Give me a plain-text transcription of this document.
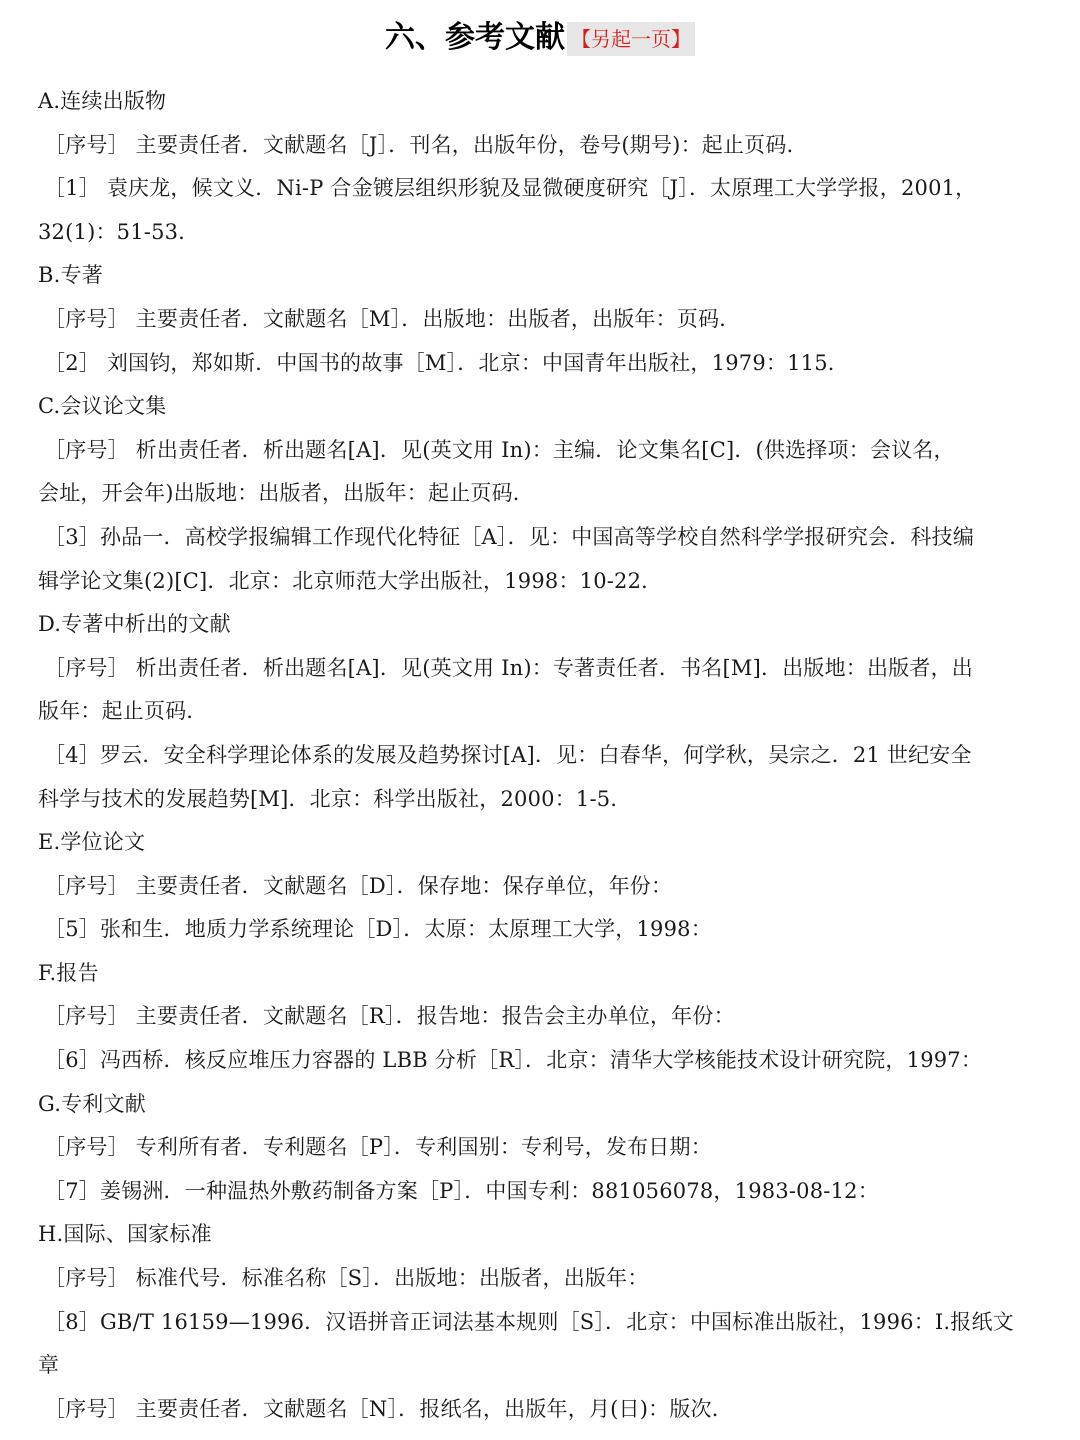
六、参考文献 【另起一页】
A.连续出版物
［序号］ 主要责任者．文献题名［J］．刊名，出版年份，卷号(期号)：起止页码．
［1］ 袁庆龙，候文义．Ni-P 合金镀层组织形貌及显微硬度研究［J］．太原理工大学学报，2001，
32(1)：51-53．
B.专著
［序号］ 主要责任者．文献题名［M］．出版地：出版者，出版年：页码．
［2］ 刘国钧，郑如斯．中国书的故事［M］．北京：中国青年出版社，1979：115．
C.会议论文集
［序号］ 析出责任者．析出题名[A]．见(英文用 In)：主编．论文集名[C]．(供选择项：会议名，
会址，开会年)出版地：出版者，出版年：起止页码．
［3］孙品一．高校学报编辑工作现代化特征［A］．见：中国高等学校自然科学学报研究会．科技编
辑学论文集(2)[C]．北京：北京师范大学出版社，1998：10-22．
D.专著中析出的文献
［序号］ 析出责任者．析出题名[A]．见(英文用 In)：专著责任者．书名[M]．出版地：出版者，出
版年：起止页码．
［4］罗云．安全科学理论体系的发展及趋势探讨[A]．见：白春华，何学秋，吴宗之．21 世纪安全
科学与技术的发展趋势[M]．北京：科学出版社，2000：1-5．
E.学位论文
［序号］ 主要责任者．文献题名［D］．保存地：保存单位，年份：
［5］张和生．地质力学系统理论［D］．太原：太原理工大学，1998：
F.报告
［序号］ 主要责任者．文献题名［R］．报告地：报告会主办单位，年份：
［6］冯西桥．核反应堆压力容器的 LBB 分析［R］．北京：清华大学核能技术设计研究院，1997：
G.专利文献
［序号］ 专利所有者．专利题名［P］．专利国别：专利号，发布日期：
［7］姜锡洲．一种温热外敷药制备方案［P］．中国专利：881056078，1983-08-12：
H.国际、国家标准
［序号］ 标准代号．标准名称［S］．出版地：出版者，出版年：
［8］GB/T 16159—1996．汉语拼音正词法基本规则［S］．北京：中国标准出版社，1996：I.报纸文
章
［序号］ 主要责任者．文献题名［N］．报纸名，出版年，月(日)：版次．
